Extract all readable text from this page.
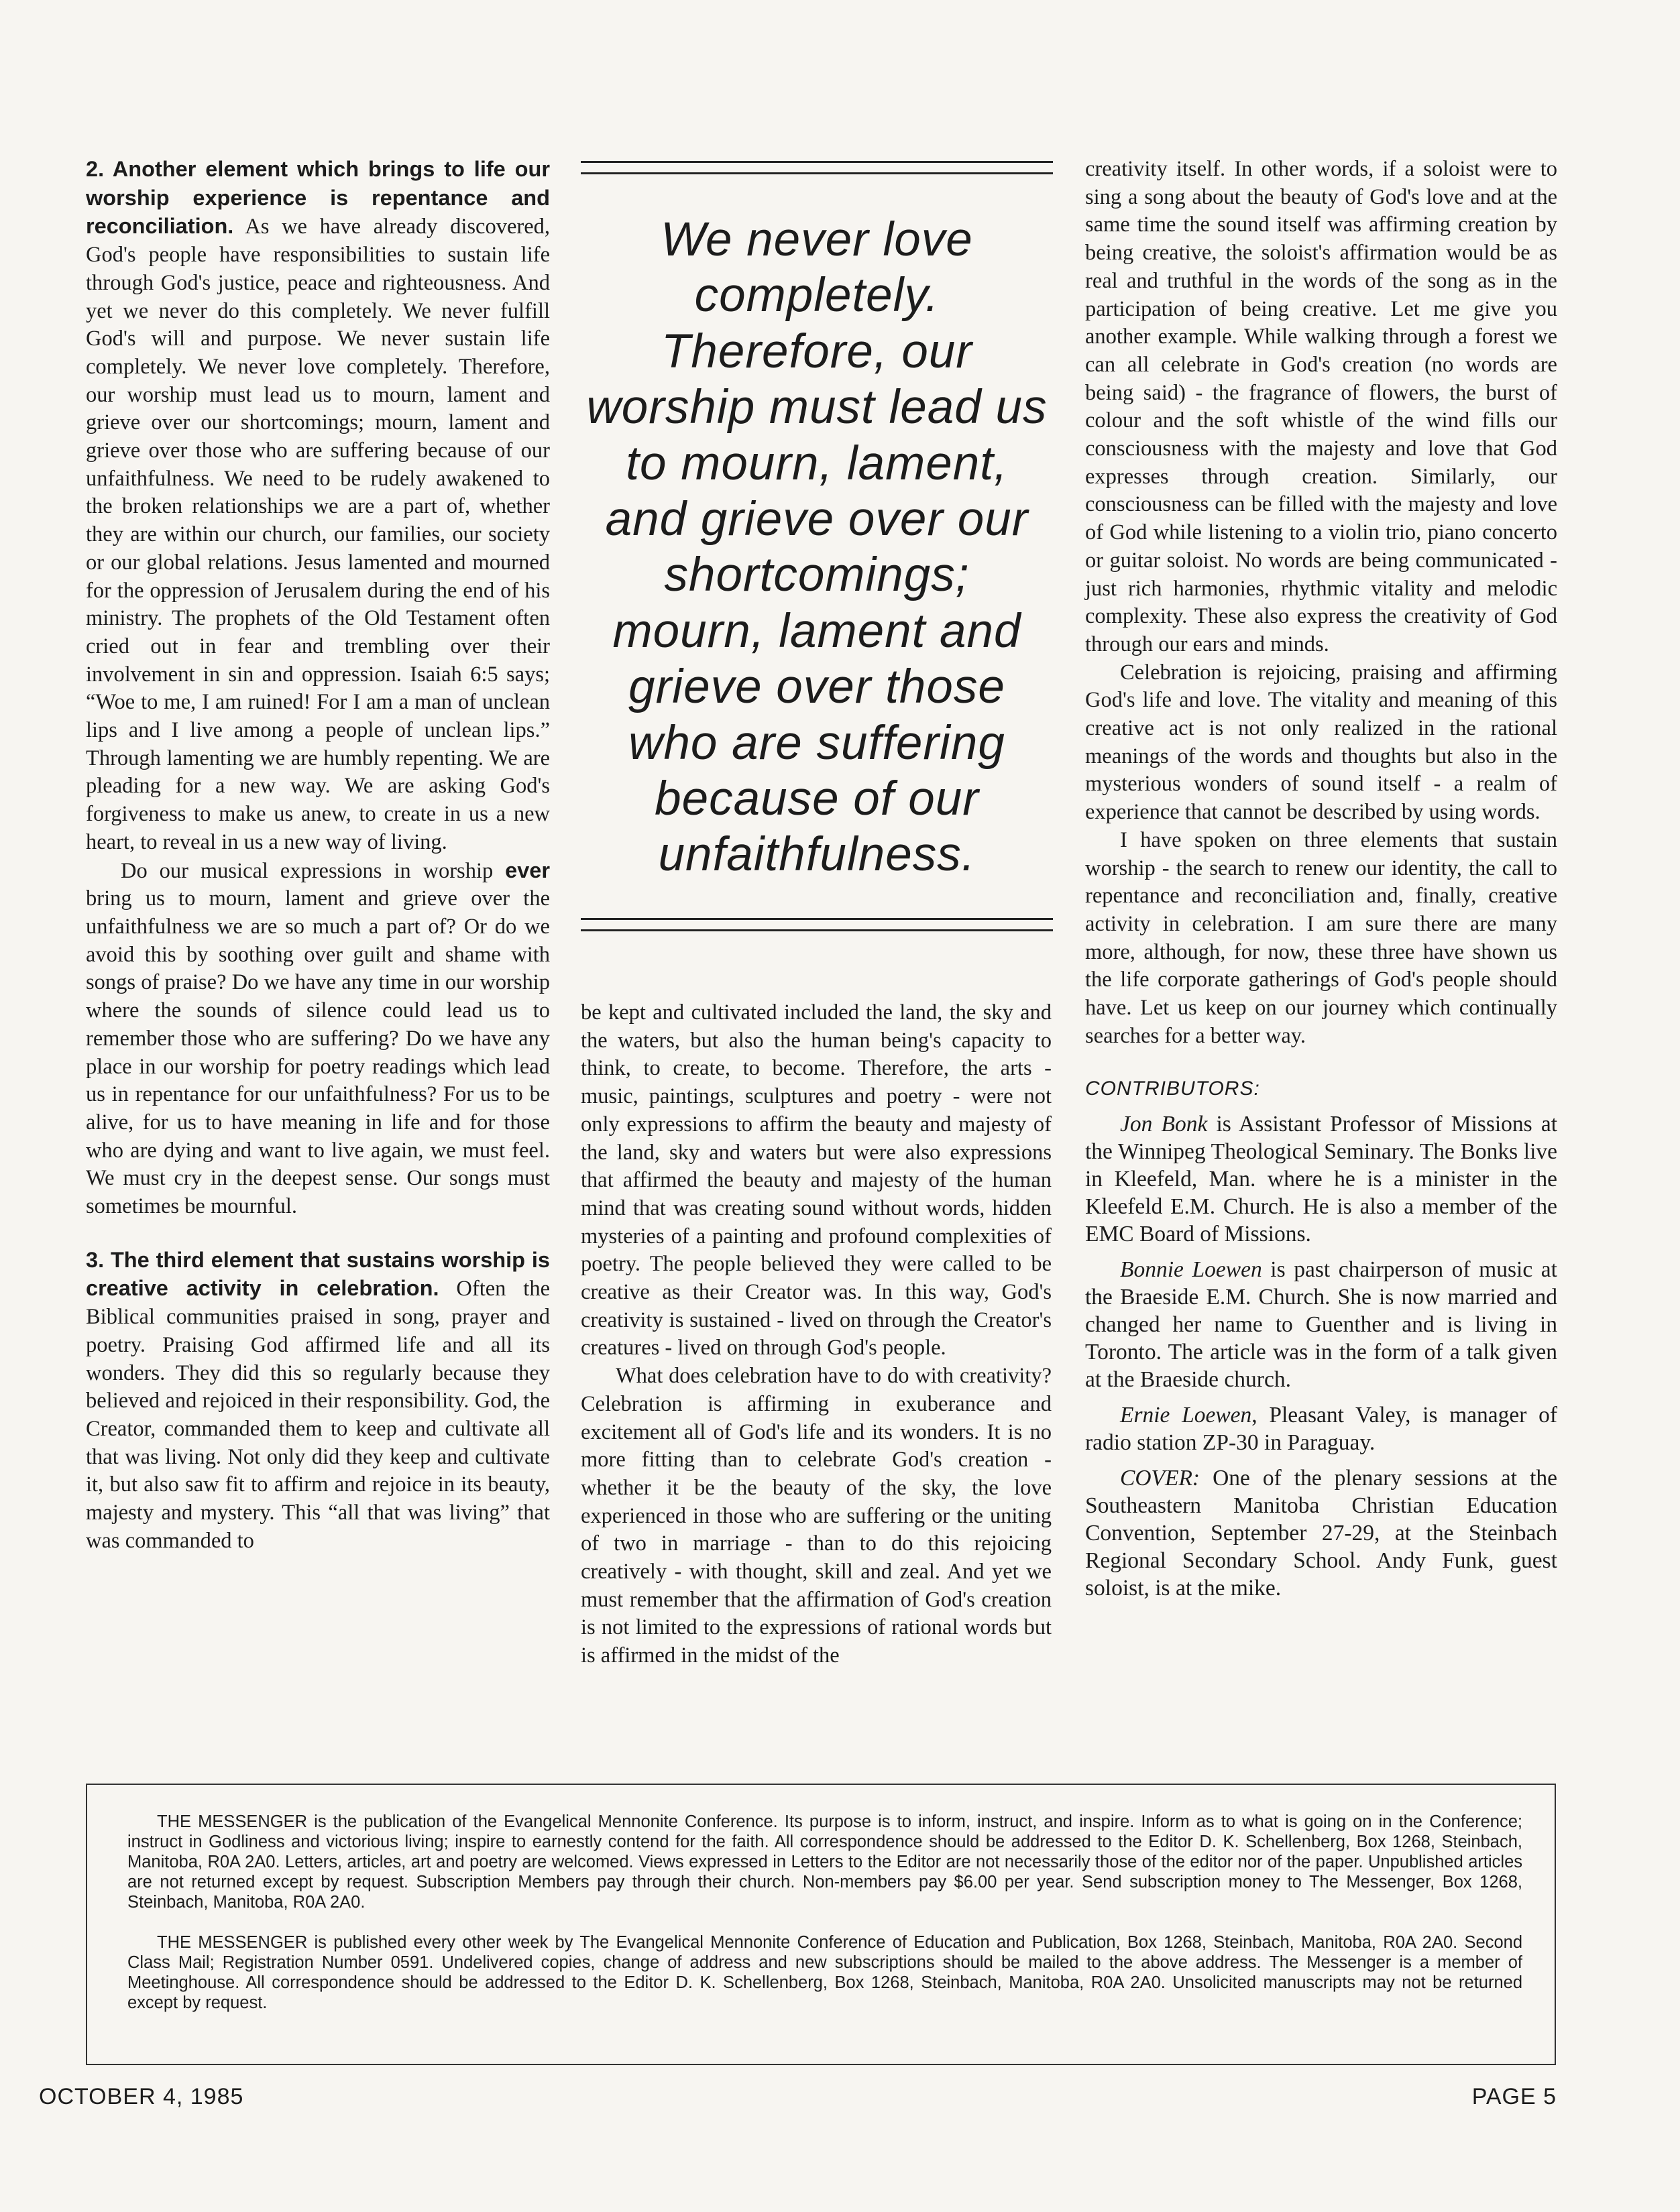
2. Another element which brings to life our worship experience is repentance and reconciliation. As we have already discovered, God's people have responsibilities to sustain life through God's justice, peace and righteousness. And yet we never do this completely. We never fulfill God's will and purpose. We never sustain life completely. We never love completely. Therefore, our worship must lead us to mourn, lament and grieve over our shortcomings; mourn, lament and grieve over those who are suffering because of our unfaithfulness. We need to be rudely awakened to the broken relationships we are a part of, whether they are within our church, our families, our society or our global relations. Jesus lamented and mourned for the oppression of Jerusalem during the end of his ministry. The prophets of the Old Testament often cried out in fear and trembling over their involvement in sin and oppression. Isaiah 6:5 says; “Woe to me, I am ruined! For I am a man of unclean lips and I live among a people of unclean lips.” Through lamenting we are humbly repenting. We are pleading for a new way. We are asking God's forgiveness to make us anew, to create in us a new heart, to reveal in us a new way of living.

Do our musical expressions in worship ever bring us to mourn, lament and grieve over the unfaithfulness we are so much a part of? Or do we avoid this by soothing over guilt and shame with songs of praise? Do we have any time in our worship where the sounds of silence could lead us to remember those who are suffering? Do we have any place in our worship for poetry readings which lead us in repentance for our unfaithfulness? For us to be alive, for us to have meaning in life and for those who are dying and want to live again, we must feel. We must cry in the deepest sense. Our songs must sometimes be mournful.

3. The third element that sustains worship is creative activity in celebration. Often the Biblical communities praised in song, prayer and poetry. Praising God affirmed life and all its wonders. They did this so regularly because they believed and rejoiced in their responsibility. God, the Creator, commanded them to keep and cultivate all that was living. Not only did they keep and cultivate it, but also saw fit to affirm and rejoice in its beauty, majesty and mystery. This “all that was living” that was commanded to

We never love completely. Therefore, our worship must lead us to mourn, lament, and grieve over our shortcomings; mourn, lament and grieve over those who are suffering because of our unfaithfulness.

be kept and cultivated included the land, the sky and the waters, but also the human being's capacity to think, to create, to become. Therefore, the arts - music, paintings, sculptures and poetry - were not only expressions to affirm the beauty and majesty of the land, sky and waters but were also expressions that affirmed the beauty and majesty of the human mind that was creating sound without words, hidden mysteries of a painting and profound complexities of poetry. The people believed they were called to be creative as their Creator was. In this way, God's creativity is sustained - lived on through the Creator's creatures - lived on through God's people.

What does celebration have to do with creativity? Celebration is affirming in exuberance and excitement all of God's life and its wonders. It is no more fitting than to celebrate God's creation - whether it be the beauty of the sky, the love experienced in those who are suffering or the uniting of two in marriage - than to do this rejoicing creatively - with thought, skill and zeal. And yet we must remember that the affirmation of God's creation is not limited to the expressions of rational words but is affirmed in the midst of the

creativity itself. In other words, if a soloist were to sing a song about the beauty of God's love and at the same time the sound itself was affirming creation by being creative, the soloist's affirmation would be as real and truthful in the words of the song as in the participation of being creative. Let me give you another example. While walking through a forest we can all celebrate in God's creation (no words are being said) - the fragrance of flowers, the burst of colour and the soft whistle of the wind fills our consciousness with the majesty and love that God expresses through creation. Similarly, our consciousness can be filled with the majesty and love of God while listening to a violin trio, piano concerto or guitar soloist. No words are being communicated - just rich harmonies, rhythmic vitality and melodic complexity. These also express the creativity of God through our ears and minds.

Celebration is rejoicing, praising and affirming God's life and love. The vitality and meaning of this creative act is not only realized in the rational meanings of the words and thoughts but also in the mysterious wonders of sound itself - a realm of experience that cannot be described by using words.

I have spoken on three elements that sustain worship - the search to renew our identity, the call to repentance and reconciliation and, finally, creative activity in celebration. I am sure there are many more, although, for now, these three have shown us the life corporate gatherings of God's people should have. Let us keep on our journey which continually searches for a better way.

CONTRIBUTORS:

Jon Bonk is Assistant Professor of Missions at the Winnipeg Theological Seminary. The Bonks live in Kleefeld, Man. where he is a minister in the Kleefeld E.M. Church. He is also a member of the EMC Board of Missions.

Bonnie Loewen is past chairperson of music at the Braeside E.M. Church. She is now married and changed her name to Guenther and is living in Toronto. The article was in the form of a talk given at the Braeside church.

Ernie Loewen, Pleasant Valey, is manager of radio station ZP-30 in Paraguay.

COVER: One of the plenary sessions at the Southeastern Manitoba Christian Education Convention, September 27-29, at the Steinbach Regional Secondary School. Andy Funk, guest soloist, is at the mike.

THE MESSENGER is the publication of the Evangelical Mennonite Conference. Its purpose is to inform, instruct, and inspire. Inform as to what is going on in the Conference; instruct in Godliness and victorious living; inspire to earnestly contend for the faith. All correspondence should be addressed to the Editor D. K. Schellenberg, Box 1268, Steinbach, Manitoba, R0A 2A0. Letters, articles, art and poetry are welcomed. Views expressed in Letters to the Editor are not necessarily those of the editor nor of the paper. Unpublished articles are not returned except by request. Subscription Members pay through their church. Non-members pay $6.00 per year. Send subscription money to The Messenger, Box 1268, Steinbach, Manitoba, R0A 2A0.

THE MESSENGER is published every other week by The Evangelical Mennonite Conference of Education and Publication, Box 1268, Steinbach, Manitoba, R0A 2A0. Second Class Mail; Registration Number 0591. Undelivered copies, change of address and new subscriptions should be mailed to the above address. The Messenger is a member of Meetinghouse. All correspondence should be addressed to the Editor D. K. Schellenberg, Box 1268, Steinbach, Manitoba, R0A 2A0. Unsolicited manuscripts may not be returned except by request.

OCTOBER 4, 1985	PAGE 5
